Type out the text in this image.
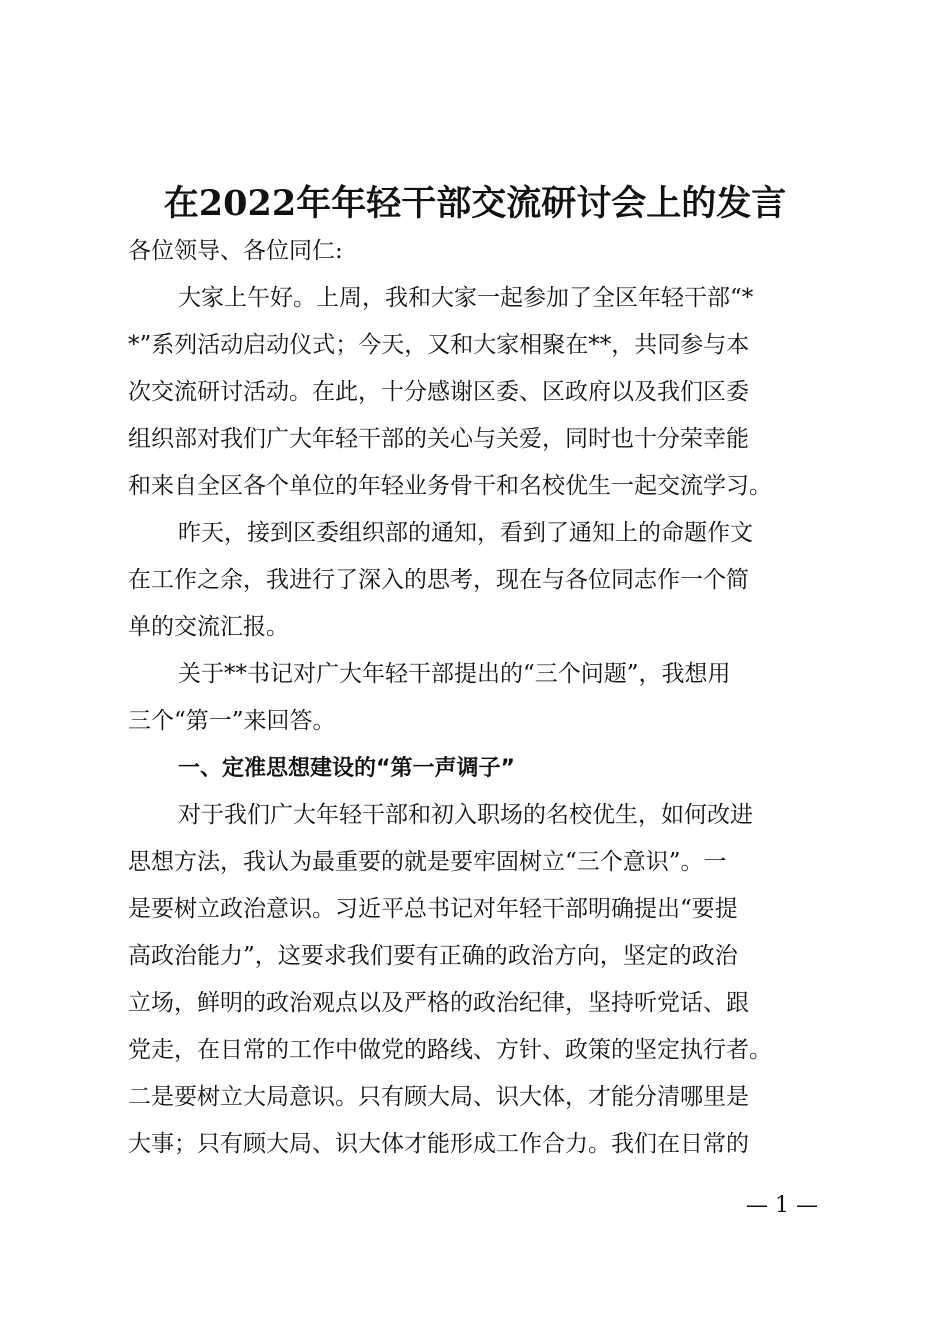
在2022年年轻干部交流研讨会上的发言
各位领导、各位同仁:
大家上午好。上周，我和大家一起参加了全区年轻干部“*
*”系列活动启动仪式；今天，又和大家相聚在**，共同参与本
次交流研讨活动。在此，十分感谢区委、区政府以及我们区委
组织部对我们广大年轻干部的关心与关爱，同时也十分荣幸能
和来自全区各个单位的年轻业务骨干和名校优生一起交流学习。
昨天，接到区委组织部的通知，看到了通知上的命题作文
在工作之余，我进行了深入的思考，现在与各位同志作一个简
单的交流汇报。
关于**书记对广大年轻干部提出的“三个问题”，我想用
三个“第一”来回答。
一、定准思想建设的“第一声调子”
对于我们广大年轻干部和初入职场的名校优生，如何改进
思想方法，我认为最重要的就是要牢固树立“三个意识”。一
是要树立政治意识。习近平总书记对年轻干部明确提出“要提
高政治能力”，这要求我们要有正确的政治方向，坚定的政治
立场，鲜明的政治观点以及严格的政治纪律，坚持听党话、跟
党走，在日常的工作中做党的路线、方针、政策的坚定执行者。
二是要树立大局意识。只有顾大局、识大体，才能分清哪里是
大事；只有顾大局、识大体才能形成工作合力。我们在日常的
— 1 —
